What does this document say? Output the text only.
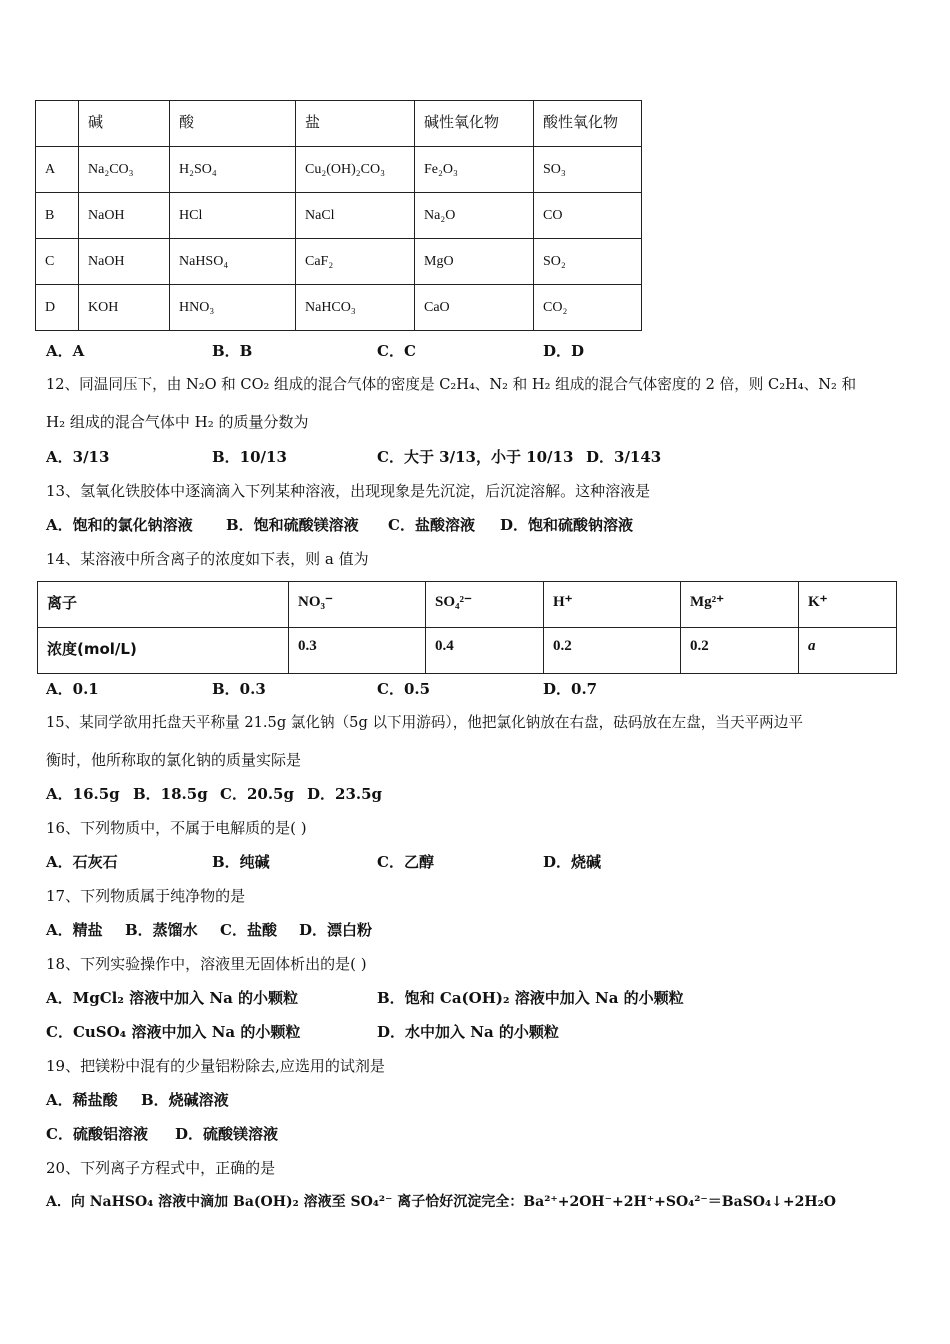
	碱	酸	盐	碱性氧化物	酸性氧化物
A	Na₂CO₃	H₂SO₄	Cu₂(OH)₂CO₃	Fe₂O₃	SO₃
B	NaOH	HCl	NaCl	Na₂O	CO
C	NaOH	NaHSO₄	CaF₂	MgO	SO₂
D	KOH	HNO₃	NaHCO₃	CaO	CO₂
A．A	B．B	C．C	D．D
12、同温同压下，由 N₂O 和 CO₂ 组成的混合气体的密度是 C₂H₄、N₂ 和 H₂ 组成的混合气体密度的 2 倍，则 C₂H₄、N₂ 和
H₂ 组成的混合气体中 H₂ 的质量分数为
A．3/13	B．10/13	C．大于 3/13，小于 10/13 D．3/143
13、氢氧化铁胶体中逐滴滴入下列某种溶液，出现现象是先沉淀，后沉淀溶解。这种溶液是
A．饱和的氯化钠溶液 B．饱和硫酸镁溶液 C．盐酸溶液 D．饱和硫酸钠溶液
14、某溶液中所含离子的浓度如下表，则 a 值为
离子	NO₃⁻	SO₄²⁻	H⁺	Mg²⁺	K⁺
浓度(mol/L)	0.3	0.4	0.2	0.2	a
A．0.1	B．0.3	C．0.5	D．0.7
15、某同学欲用托盘天平称量 21.5g 氯化钠（5g 以下用游码），他把氯化钠放在右盘，砝码放在左盘，当天平两边平
衡时，他所称取的氯化钠的质量实际是
A．16.5g B．18.5g C．20.5g D．23.5g
16、下列物质中，不属于电解质的是( )
A．石灰石	B．纯碱	C．乙醇	D．烧碱
17、下列物质属于纯净物的是
A．精盐 B．蒸馏水 C．盐酸 D．漂白粉
18、下列实验操作中，溶液里无固体析出的是( )
A．MgCl₂ 溶液中加入 Na 的小颗粒	B．饱和 Ca(OH)₂ 溶液中加入 Na 的小颗粒
C．CuSO₄ 溶液中加入 Na 的小颗粒	D．水中加入 Na 的小颗粒
19、把镁粉中混有的少量铝粉除去,应选用的试剂是
A．稀盐酸 B．烧碱溶液
C．硫酸铝溶液 D．硫酸镁溶液
20、下列离子方程式中，正确的是
A．向 NaHSO₄ 溶液中滴加 Ba(OH)₂ 溶液至 SO₄²⁻ 离子恰好沉淀完全：Ba²⁺+2OH⁻+2H⁺+SO₄²⁻＝BaSO₄↓+2H₂O
